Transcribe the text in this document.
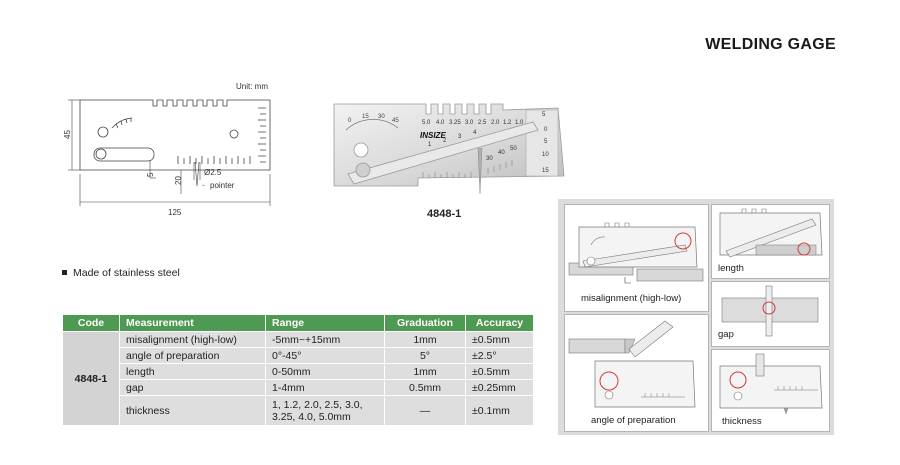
WELDING GAGE
Unit: mm
45
125
5
20
Ø2.5
- pointer
0
15 30
45	5.0 4.0 3.25 3.0 2.5 2.0 1.2 1.0
5
0
5
10
15
1
2
3
4
30
40
50
INSIZE
4848-1
Made of stainless steel
Code	Measurement	Range	Graduation	Accuracy
4848-1	misalignment (high-low)	-5mm~+15mm	1mm	±0.5mm
	angle of preparation	0°-45°	5°	±2.5°
	length	0-50mm	1mm	±0.5mm
	gap	1-4mm	0.5mm	±0.25mm
	thickness	1, 1.2, 2.0, 2.5, 3.0,
3.25, 4.0, 5.0mm	—	±0.1mm
misalignment (high-low)
length
gap
angle of preparation	thickness
